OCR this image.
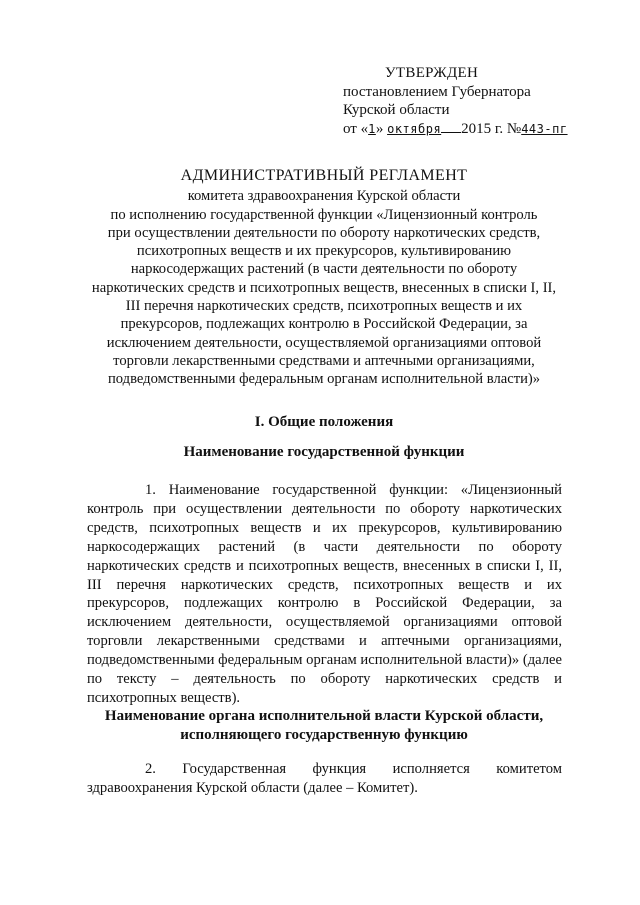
УТВЕРЖДЕН
постановлением Губернатора
Курской области
от «1» октября 2015 г. №443-пг
АДМИНИСТРАТИВНЫЙ РЕГЛАМЕНТ
комитета здравоохранения Курской области
по исполнению государственной функции «Лицензионный контроль
при осуществлении деятельности по обороту наркотических средств,
психотропных веществ и их прекурсоров, культивированию
наркосодержащих растений (в части деятельности по обороту
наркотических средств и психотропных веществ, внесенных в списки I, II,
III перечня наркотических средств, психотропных веществ и их
прекурсоров, подлежащих контролю в Российской Федерации, за
исключением деятельности, осуществляемой организациями оптовой
торговли лекарственными средствами и аптечными организациями,
подведомственными федеральным органам исполнительной власти)»
I. Общие положения
Наименование государственной функции
1. Наименование государственной функции: «Лицензионный контроль при осуществлении деятельности по обороту наркотических средств, психотропных веществ и их прекурсоров, культивированию наркосодержащих растений (в части деятельности по обороту наркотических средств и психотропных веществ, внесенных в списки I, II, III перечня наркотических средств, психотропных веществ и их прекурсоров, подлежащих контролю в Российской Федерации, за исключением деятельности, осуществляемой организациями оптовой торговли лекарственными средствами и аптечными организациями, подведомственными федеральным органам исполнительной власти)» (далее по тексту – деятельность по обороту наркотических средств и психотропных веществ).
Наименование органа исполнительной власти Курской области,
исполняющего государственную функцию
2. Государственная функция исполняется комитетом здравоохранения Курской области (далее – Комитет).
